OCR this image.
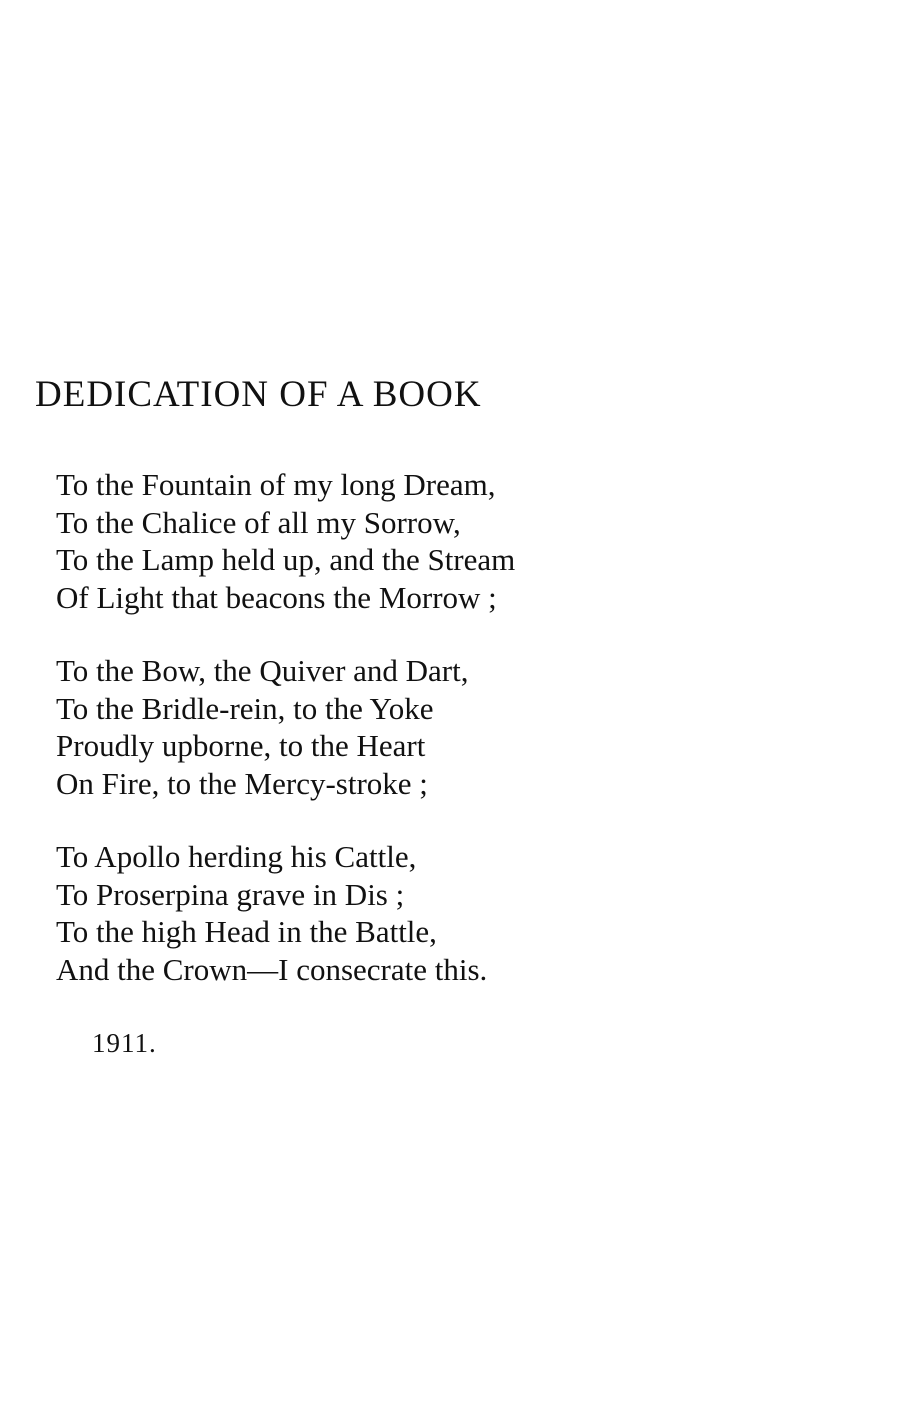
DEDICATION OF A BOOK
To the Fountain of my long Dream,
To the Chalice of all my Sorrow,
To the Lamp held up, and the Stream
Of Light that beacons the Morrow ;
To the Bow, the Quiver and Dart,
To the Bridle-rein, to the Yoke
Proudly upborne, to the Heart
On Fire, to the Mercy-stroke ;
To Apollo herding his Cattle,
To Proserpina grave in Dis ;
To the high Head in the Battle,
And the Crown—I consecrate this.

1911.
